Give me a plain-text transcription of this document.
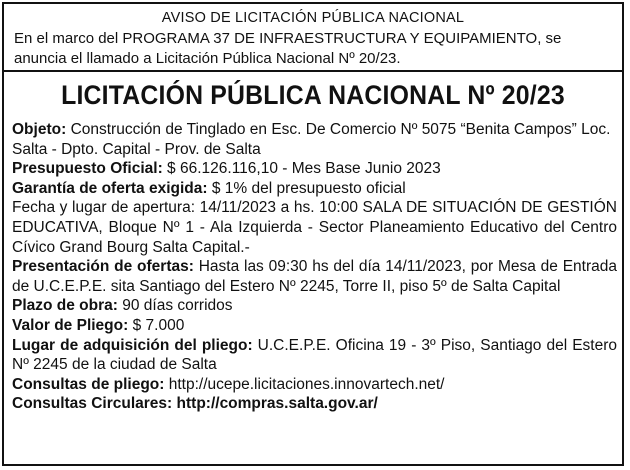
AVISO DE LICITACIÓN PÚBLICA NACIONAL
En el marco del PROGRAMA 37 DE INFRAESTRUCTURA Y EQUIPAMIENTO, se anuncia el llamado a Licitación Pública Nacional Nº 20/23.
LICITACIÓN PÚBLICA NACIONAL Nº 20/23

Objeto: Construcción de Tinglado en Esc. De Comercio Nº 5075 “Benita Campos” Loc. Salta - Dpto. Capital - Prov. de Salta

Presupuesto Oficial: $ 66.126.116,10 - Mes Base Junio 2023

Garantía de oferta exigida: $ 1% del presupuesto oficial

Fecha y lugar de apertura: 14/11/2023 a hs. 10:00 SALA DE SITUACIÓN DE GESTIÓN EDUCATIVA, Bloque Nº 1 - Ala Izquierda - Sector Planeamiento Educativo del Centro Cívico Grand Bourg Salta Capital.-

Presentación de ofertas: Hasta las 09:30 hs del día 14/11/2023, por Mesa de Entrada de U.C.E.P.E. sita Santiago del Estero Nº 2245, Torre II, piso 5º de Salta Capital

Plazo de obra: 90 días corridos

Valor de Pliego: $ 7.000

Lugar de adquisición del pliego: U.C.E.P.E. Oficina 19 - 3º Piso, Santiago del Estero Nº 2245 de la ciudad de Salta

Consultas de pliego: http://ucepe.licitaciones.innovartech.net/

Consultas Circulares: http://compras.salta.gov.ar/
